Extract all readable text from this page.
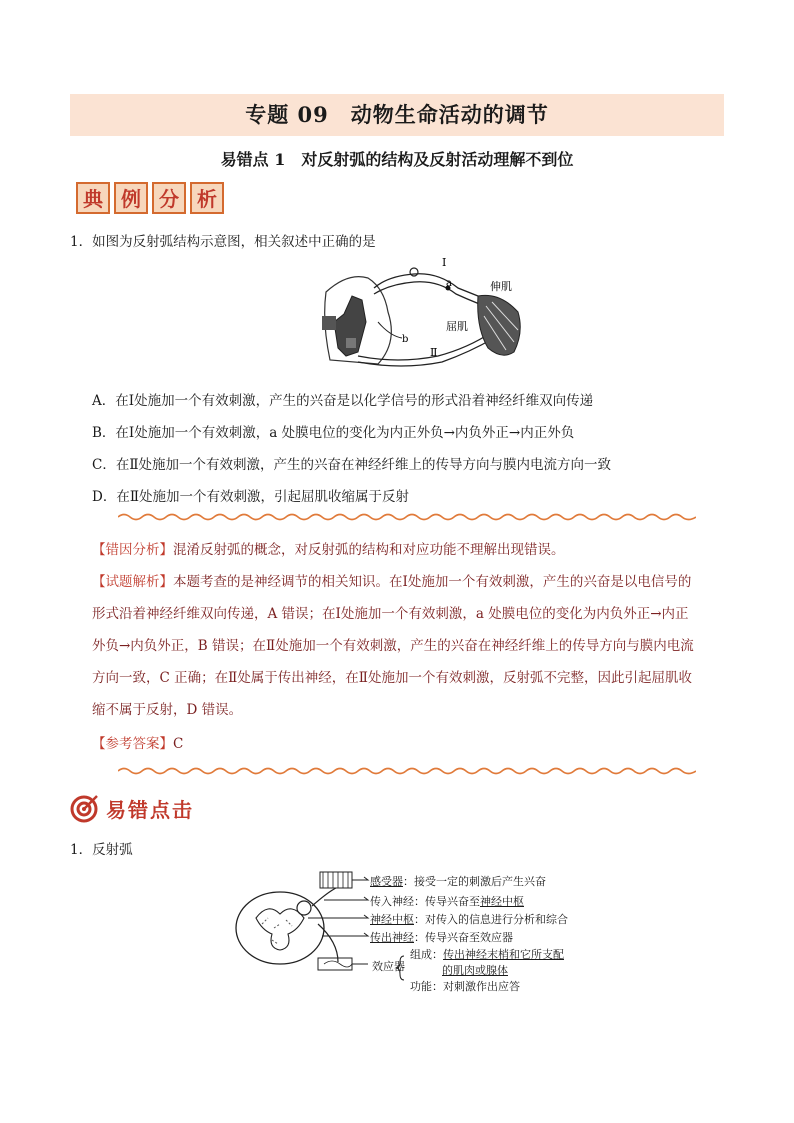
专题 09　动物生命活动的调节
易错点 1　对反射弧的结构及反射活动理解不到位
典 例 分 析
1．如图为反射弧结构示意图，相关叙述中正确的是
Ⅰ
a	伸肌
b
屈肌
Ⅱ
A．在Ⅰ处施加一个有效刺激，产生的兴奋是以化学信号的形式沿着神经纤维双向传递
B．在Ⅰ处施加一个有效刺激，a 处膜电位的变化为内正外负→内负外正→内正外负
C．在Ⅱ处施加一个有效刺激，产生的兴奋在神经纤维上的传导方向与膜内电流方向一致
D．在Ⅱ处施加一个有效刺激，引起屈肌收缩属于反射
【错因分析】混淆反射弧的概念，对反射弧的结构和对应功能不理解出现错误。
【试题解析】本题考查的是神经调节的相关知识。在Ⅰ处施加一个有效刺激，产生的兴奋是以电信号的
形式沿着神经纤维双向传递，A 错误；在Ⅰ处施加一个有效刺激，a 处膜电位的变化为内负外正→内正
外负→内负外正，B 错误；在Ⅱ处施加一个有效刺激，产生的兴奋在神经纤维上的传导方向与膜内电流
方向一致，C 正确；在Ⅱ处属于传出神经，在Ⅱ处施加一个有效刺激，反射弧不完整，因此引起屈肌收
缩不属于反射，D 错误。
【参考答案】C
易错点击
1．反射弧
感受器：接受一定的刺激后产生兴奋
传入神经：传导兴奋至神经中枢
神经中枢：对传入的信息进行分析和综合
传出神经：传导兴奋至效应器
效应器
组成：传出神经末梢和它所支配
的肌肉或腺体
功能：对刺激作出应答
